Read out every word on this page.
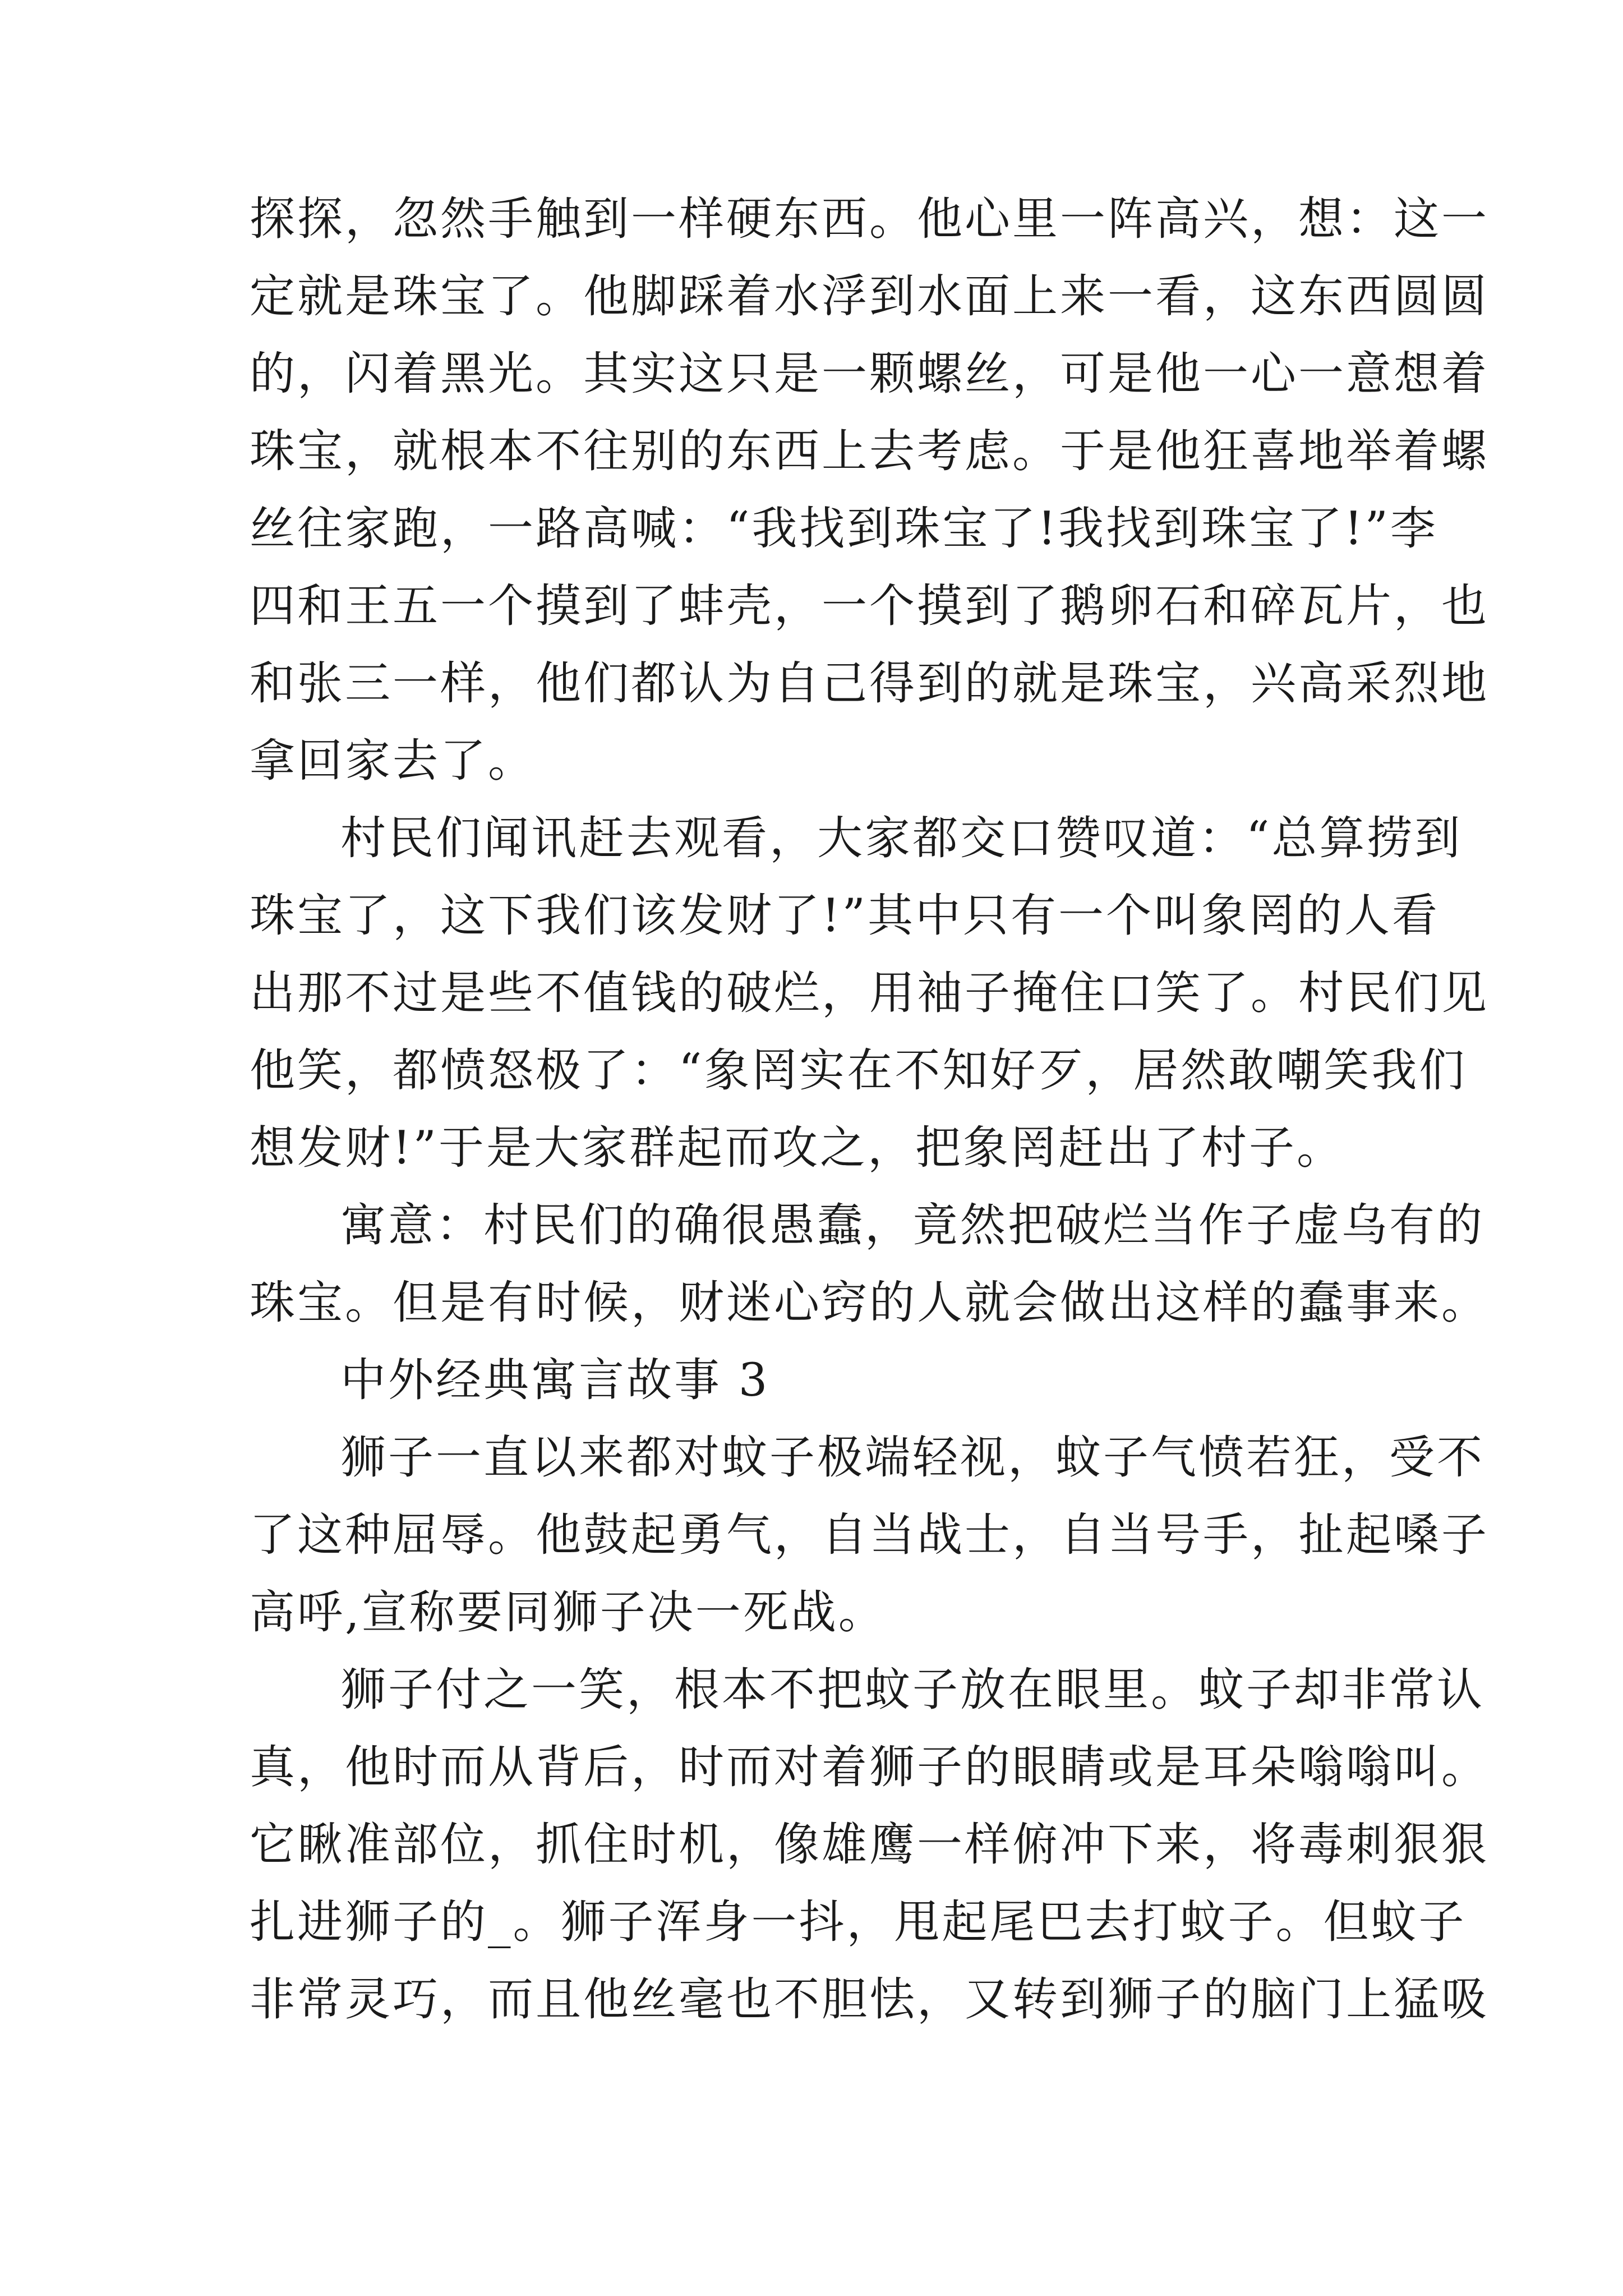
探探，忽然手触到一样硬东西。他心里一阵高兴，想：这一
定就是珠宝了。他脚踩着水浮到水面上来一看，这东西圆圆
的，闪着黑光。其实这只是一颗螺丝，可是他一心一意想着
珠宝，就根本不往别的东西上去考虑。于是他狂喜地举着螺
丝往家跑，一路高喊：“我找到珠宝了!我找到珠宝了!”李
四和王五一个摸到了蚌壳，一个摸到了鹅卵石和碎瓦片，也
和张三一样，他们都认为自己得到的就是珠宝，兴高采烈地
拿回家去了。
村民们闻讯赶去观看，大家都交口赞叹道：“总算捞到
珠宝了，这下我们该发财了!”其中只有一个叫象罔的人看
出那不过是些不值钱的破烂，用袖子掩住口笑了。村民们见
他笑，都愤怒极了：“象罔实在不知好歹，居然敢嘲笑我们
想发财!”于是大家群起而攻之，把象罔赶出了村子。
寓意：村民们的确很愚蠢，竟然把破烂当作子虚乌有的
珠宝。但是有时候，财迷心窍的人就会做出这样的蠢事来。
中外经典寓言故事 3
狮子一直以来都对蚊子极端轻视，蚊子气愤若狂，受不
了这种屈辱。他鼓起勇气，自当战士，自当号手，扯起嗓子
高呼,宣称要同狮子决一死战。
狮子付之一笑，根本不把蚊子放在眼里。蚊子却非常认
真，他时而从背后，时而对着狮子的眼睛或是耳朵嗡嗡叫。
它瞅准部位，抓住时机，像雄鹰一样俯冲下来，将毒刺狠狠
扎进狮子的_。狮子浑身一抖，甩起尾巴去打蚊子。但蚊子
非常灵巧，而且他丝毫也不胆怯，又转到狮子的脑门上猛吸
